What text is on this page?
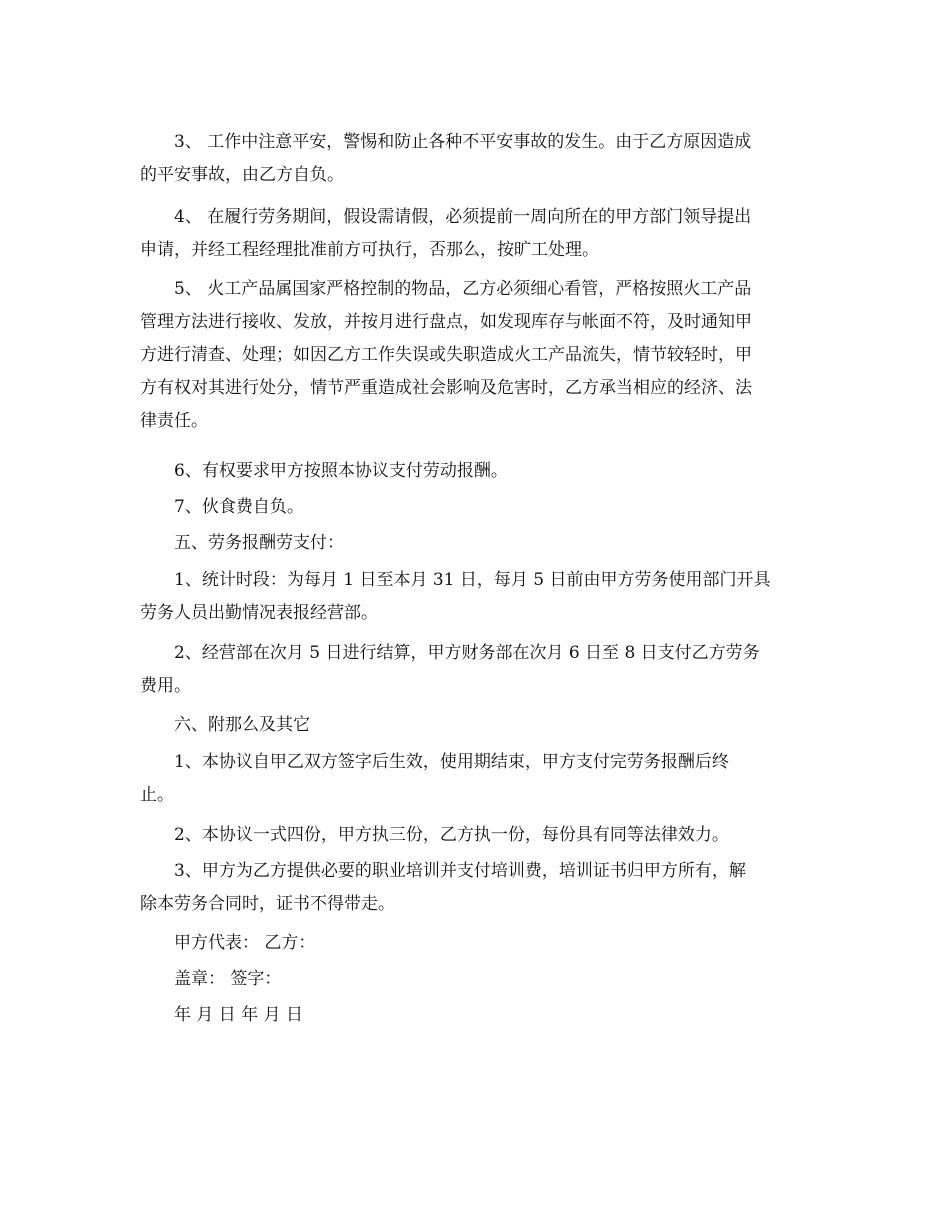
3、 工作中注意平安，警惕和防止各种不平安事故的发生。由于乙方原因造成
的平安事故，由乙方自负。
4、 在履行劳务期间，假设需请假，必须提前一周向所在的甲方部门领导提出
申请，并经工程经理批准前方可执行，否那么，按旷工处理。
5、 火工产品属国家严格控制的物品，乙方必须细心看管，严格按照火工产品
管理方法进行接收、发放，并按月进行盘点，如发现库存与帐面不符，及时通知甲
方进行清查、处理；如因乙方工作失误或失职造成火工产品流失，情节较轻时，甲
方有权对其进行处分，情节严重造成社会影响及危害时，乙方承当相应的经济、法
律责任。
6、有权要求甲方按照本协议支付劳动报酬。
7、伙食费自负。
五、劳务报酬劳支付：
1、统计时段：为每月 1 日至本月 31 日，每月 5 日前由甲方劳务使用部门开具
劳务人员出勤情况表报经营部。
2、经营部在次月 5 日进行结算，甲方财务部在次月 6 日至 8 日支付乙方劳务
费用。
六、附那么及其它
1、本协议自甲乙双方签字后生效，使用期结束，甲方支付完劳务报酬后终
止。
2、本协议一式四份，甲方执三份，乙方执一份，每份具有同等法律效力。
3、甲方为乙方提供必要的职业培训并支付培训费，培训证书归甲方所有，解
除本劳务合同时，证书不得带走。
甲方代表： 乙方：
盖章： 签字：
年 月 日 年 月 日
